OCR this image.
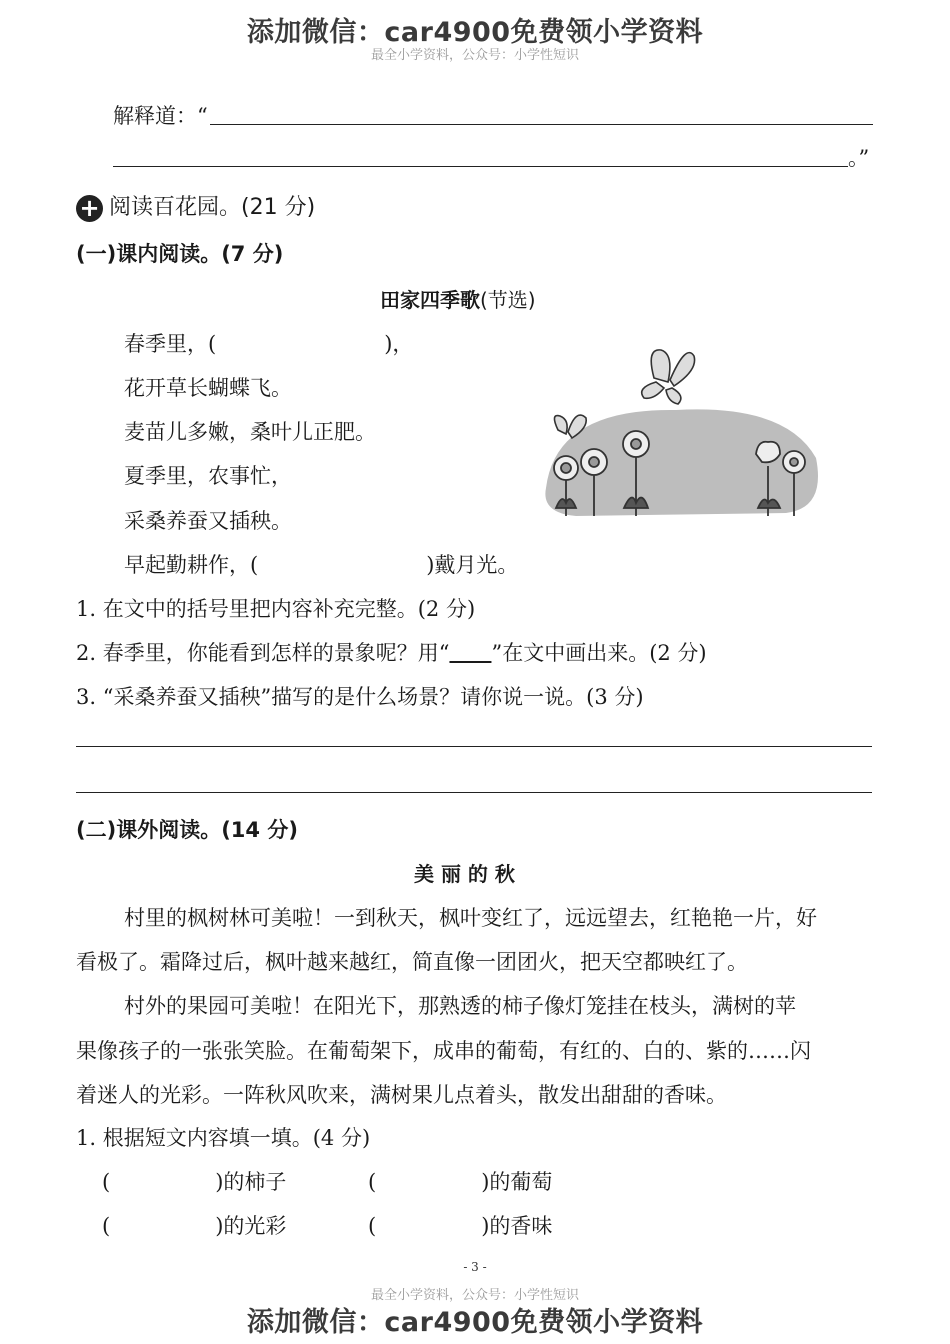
添加微信：car4900免费领小学资料
最全小学资料，公众号：小学性短识
解释道：“
。”
+ 阅读百花园。(21 分)
(一)课内阅读。(7 分)
田家四季歌(节选)
春季里，(　　　　　　　　)，
花开草长蝴蝶飞。
麦苗儿多嫩，桑叶儿正肥。
夏季里，农事忙，
采桑养蚕又插秧。
早起勤耕作，(　　　　　　　　)戴月光。
1. 在文中的括号里把内容补充完整。(2 分)
2. 春季里，你能看到怎样的景象呢？用“　　 ”在文中画出来。(2 分)
3. “采桑养蚕又插秧”描写的是什么场景？请你说一说。(3 分)
(二)课外阅读。(14 分)
美 丽 的 秋
村里的枫树林可美啦！一到秋天，枫叶变红了，远远望去，红艳艳一片，好
看极了。霜降过后，枫叶越来越红，简直像一团团火，把天空都映红了。
村外的果园可美啦！在阳光下，那熟透的柿子像灯笼挂在枝头，满树的苹
果像孩子的一张张笑脸。在葡萄架下，成串的葡萄，有红的、白的、紫的……闪
着迷人的光彩。一阵秋风吹来，满树果儿点着头，散发出甜甜的香味。
1. 根据短文内容填一填。(4 分)
(　　　　　)的柿子	(　　　　　)的葡萄
(　　　　　)的光彩	(　　　　　)的香味
- 3 -
最全小学资料，公众号：小学性短识
添加微信：car4900免费领小学资料
